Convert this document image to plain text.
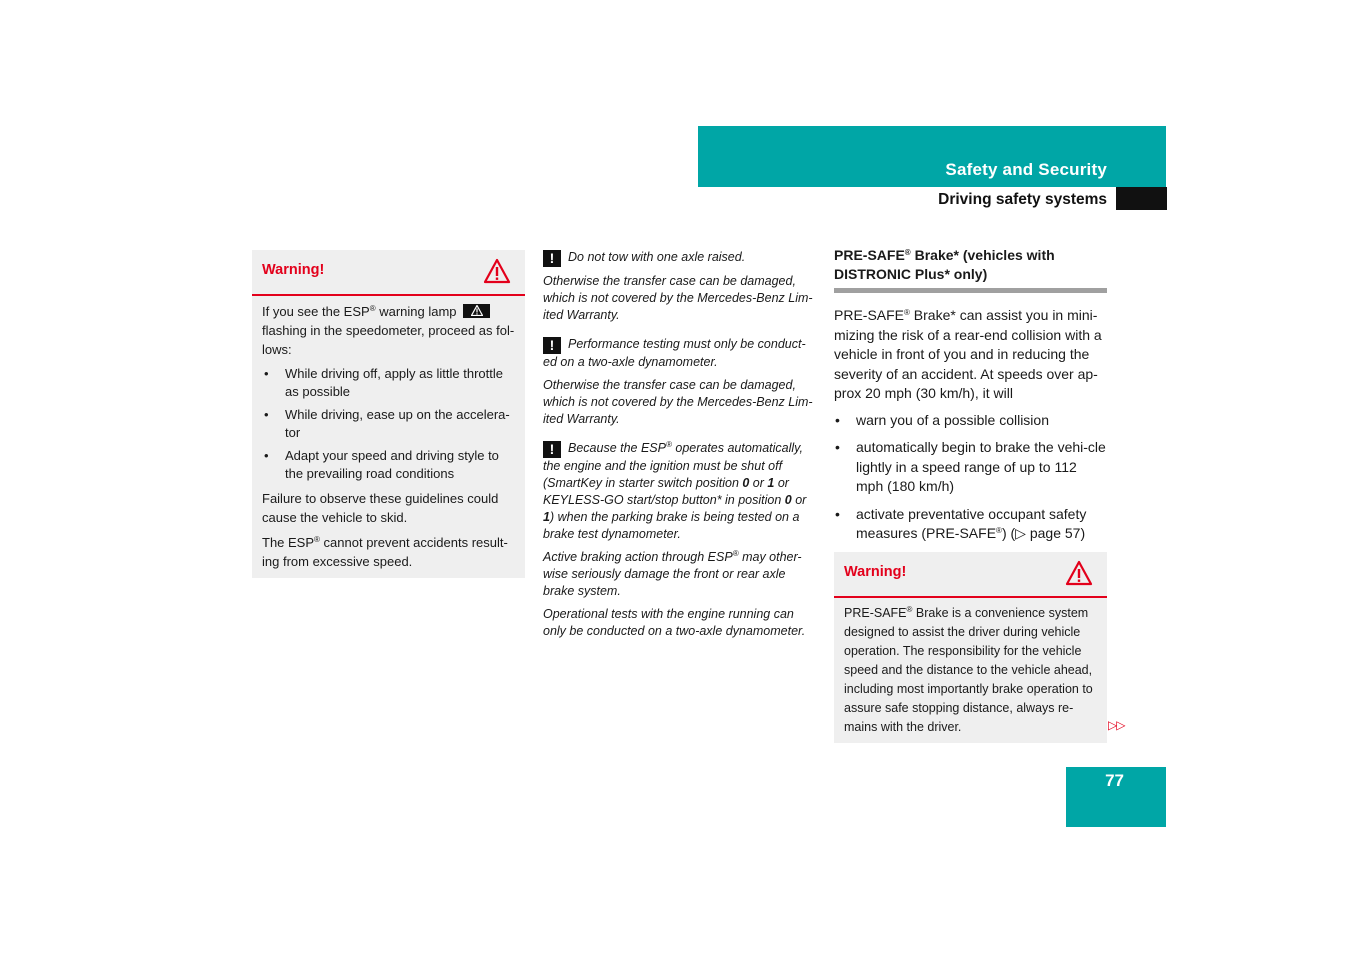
Safety and Security
Driving safety systems
Warning!

If you see the ESP® warning lamp
flashing in the speedometer, proceed as fol-lows:

• While driving off, apply as little throttle as possible
• While driving, ease up on the accelera-tor
• Adapt your speed and driving style to the prevailing road conditions

Failure to observe these guidelines could cause the vehicle to skid.

The ESP® cannot prevent accidents result-ing from excessive speed.

! Do not tow with one axle raised.

Otherwise the transfer case can be damaged, which is not covered by the Mercedes-Benz Lim-ited Warranty.

! Performance testing must only be conduct-ed on a two-axle dynamometer.

Otherwise the transfer case can be damaged, which is not covered by the Mercedes-Benz Lim-ited Warranty.

! Because the ESP® operates automatically, the engine and the ignition must be shut off (SmartKey in starter switch position 0 or 1 or KEYLESS-GO start/stop button* in position 0 or 1) when the parking brake is being tested on a brake test dynamometer.

Active braking action through ESP® may other-wise seriously damage the front or rear axle brake system.

Operational tests with the engine running can only be conducted on a two-axle dynamometer.

PRE-SAFE® Brake* (vehicles with DISTRONIC Plus* only)

PRE-SAFE® Brake* can assist you in mini-mizing the risk of a rear-end collision with a vehicle in front of you and in reducing the severity of an accident. At speeds over ap-prox 20 mph (30 km/h), it will

• warn you of a possible collision
• automatically begin to brake the vehi-cle lightly in a speed range of up to 112 mph (180 km/h)
• activate preventative occupant safety measures (PRE-SAFE®) (▷ page 57)
Warning!

PRE-SAFE® Brake is a convenience system designed to assist the driver during vehicle operation. The responsibility for the vehicle speed and the distance to the vehicle ahead, including most importantly brake operation to assure safe stopping distance, always re-mains with the driver.	▷▷
77
